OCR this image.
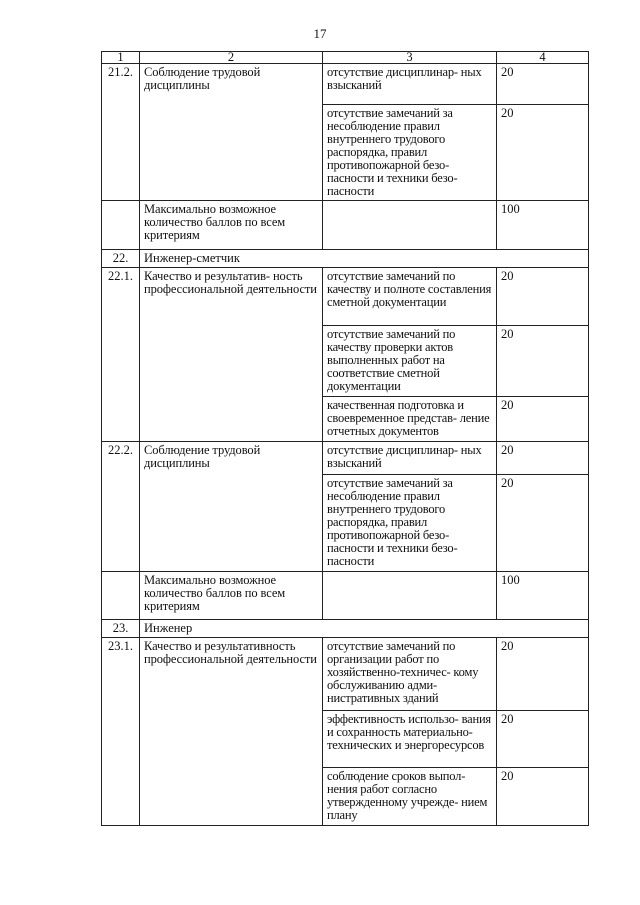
17
1	2	3	4
21.2.	Соблюдение трудовой дисциплины	отсутствие дисциплинар- ных взысканий	20
		отсутствие замечаний за несоблюдение правил внутреннего трудового распорядка, правил противопожарной безо- пасности и техники безо- пасности	20
	Максимально возможное количество баллов по всем критериям		100
22.	Инженер-сметчик		
22.1.	Качество и результатив- ность профессиональной деятельности	отсутствие замечаний по качеству и полноте составления сметной документации	20
		отсутствие замечаний по качеству проверки актов выполненных работ на соответствие сметной документации	20
		качественная подготовка и своевременное представ- ление отчетных документов	20
22.2.	Соблюдение трудовой дисциплины	отсутствие дисциплинар- ных взысканий	20
		отсутствие замечаний за несоблюдение правил внутреннего трудового распорядка, правил противопожарной безо- пасности и техники безо- пасности	20
	Максимально возможное количество баллов по всем критериям		100
23.	Инженер		
23.1.	Качество и результативность профессиональной деятельности	отсутствие замечаний по организации работ по хозяйственно-техничес- кому обслуживанию адми- нистративных зданий	20
		эффективность использо- вания и сохранность материально-технических и энергоресурсов	20
		соблюдение сроков выпол- нения работ согласно утвержденному учрежде- нием плану	20
